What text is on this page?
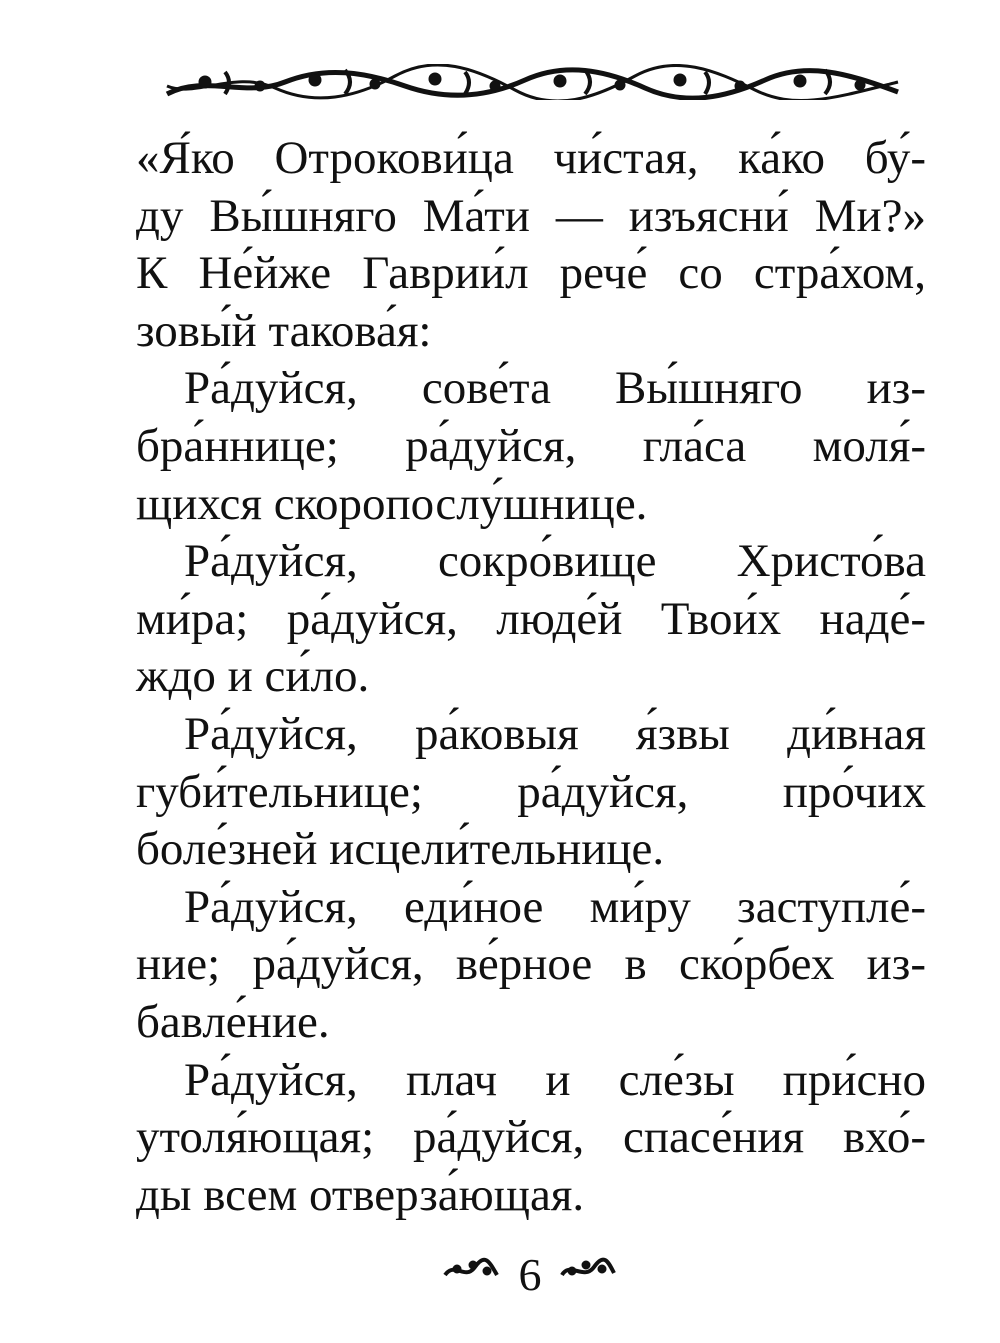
«Я́ко Отрокови́ца чи́стая, ка́ко бу́-
ду Вы́шняго Ма́ти — изъясни́ Ми?»
К Не́йже Гаврии́л рече́ со стра́хом,
зовы́й такова́я:
Ра́дуйся, сове́та Вы́шняго из-
бра́ннице; ра́дуйся, гла́са моля́-
щихся скоропослу́шнице.
Ра́дуйся, сокро́вище Христо́ва
ми́ра; ра́дуйся, люде́й Твои́х наде́-
ждо и си́ло.
Ра́дуйся, ра́ковыя я́звы ди́вная
губи́тельнице; ра́дуйся, про́чих
боле́зней исцели́тельнице.
Ра́дуйся, еди́ное ми́ру заступле́-
ние; ра́дуйся, ве́рное в ско́рбех из-
бавле́ние.
Ра́дуйся, плач и сле́зы при́сно
утоля́ющая; ра́дуйся, спасе́ния вхо́-
ды всем отверза́ющая.
6
